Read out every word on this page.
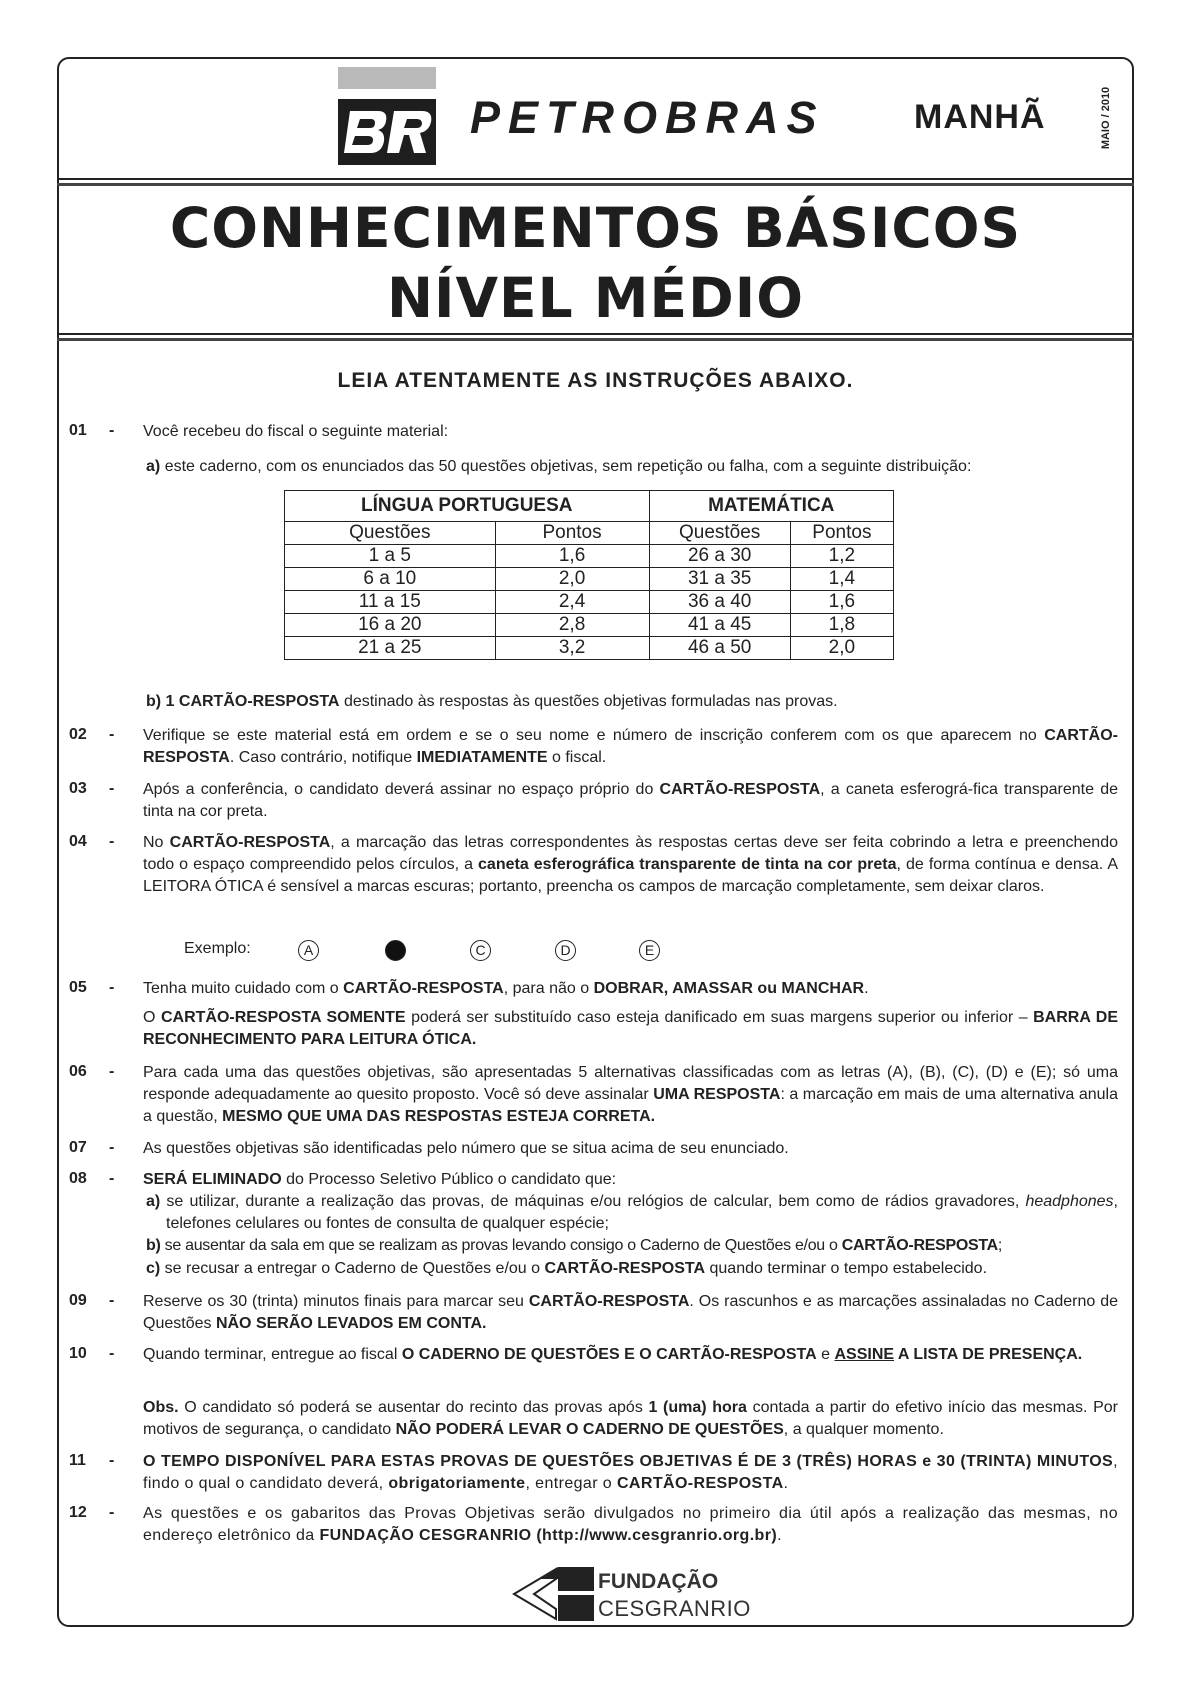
PETROBRAS	MANHÃ	MAIO / 2010
CONHECIMENTOS BÁSICOS
NÍVEL MÉDIO
LEIA ATENTAMENTE AS INSTRUÇÕES ABAIXO.
01 - Você recebeu do fiscal o seguinte material:
a) este caderno, com os enunciados das 50 questões objetivas, sem repetição ou falha, com a seguinte distribuição:
LÍNGUA PORTUGUESA		MATEMÁTICA	
Questões	Pontos	Questões	Pontos
1 a 5	1,6	26 a 30	1,2
6 a 10	2,0	31 a 35	1,4
11 a 15	2,4	36 a 40	1,6
16 a 20	2,8	41 a 45	1,8
21 a 25	3,2	46 a 50	2,0
b) 1 CARTÃO-RESPOSTA destinado às respostas às questões objetivas formuladas nas provas.
02 - Verifique se este material está em ordem e se o seu nome e número de inscrição conferem com os que aparecem no CARTÃO-RESPOSTA. Caso contrário, notifique IMEDIATAMENTE o fiscal.
03 - Após a conferência, o candidato deverá assinar no espaço próprio do CARTÃO-RESPOSTA, a caneta esferográ-fica transparente de tinta na cor preta.
04 - No CARTÃO-RESPOSTA, a marcação das letras correspondentes às respostas certas deve ser feita cobrindo a letra e preenchendo todo o espaço compreendido pelos círculos, a caneta esferográfica transparente de tinta na cor preta, de forma contínua e densa. A LEITORA ÓTICA é sensível a marcas escuras; portanto, preencha os campos de marcação completamente, sem deixar claros.
Exemplo:	A	C	D	E
05 - Tenha muito cuidado com o CARTÃO-RESPOSTA, para não o DOBRAR, AMASSAR ou MANCHAR.
O CARTÃO-RESPOSTA SOMENTE poderá ser substituído caso esteja danificado em suas margens superior ou inferior – BARRA DE RECONHECIMENTO PARA LEITURA ÓTICA.
06 - Para cada uma das questões objetivas, são apresentadas 5 alternativas classificadas com as letras (A), (B), (C), (D) e (E); só uma responde adequadamente ao quesito proposto. Você só deve assinalar UMA RESPOSTA: a marcação em mais de uma alternativa anula a questão, MESMO QUE UMA DAS RESPOSTAS ESTEJA CORRETA.
07 - As questões objetivas são identificadas pelo número que se situa acima de seu enunciado.
08 - SERÁ ELIMINADO do Processo Seletivo Público o candidato que:
a) se utilizar, durante a realização das provas, de máquinas e/ou relógios de calcular, bem como de rádios gravadores, headphones, telefones celulares ou fontes de consulta de qualquer espécie;
b) se ausentar da sala em que se realizam as provas levando consigo o Caderno de Questões e/ou o CARTÃO-RESPOSTA;
c) se recusar a entregar o Caderno de Questões e/ou o CARTÃO-RESPOSTA quando terminar o tempo estabelecido.
09 - Reserve os 30 (trinta) minutos finais para marcar seu CARTÃO-RESPOSTA. Os rascunhos e as marcações assinaladas no Caderno de Questões NÃO SERÃO LEVADOS EM CONTA.
10 - Quando terminar, entregue ao fiscal O CADERNO DE QUESTÕES E O CARTÃO-RESPOSTA e ASSINE A LISTA DE PRESENÇA.
Obs. O candidato só poderá se ausentar do recinto das provas após 1 (uma) hora contada a partir do efetivo início das mesmas. Por motivos de segurança, o candidato NÃO PODERÁ LEVAR O CADERNO DE QUESTÕES, a qualquer momento.
11 - O TEMPO DISPONÍVEL PARA ESTAS PROVAS DE QUESTÕES OBJETIVAS É DE 3 (TRÊS) HORAS e 30 (TRINTA) MINUTOS, findo o qual o candidato deverá, obrigatoriamente, entregar o CARTÃO-RESPOSTA.
12 - As questões e os gabaritos das Provas Objetivas serão divulgados no primeiro dia útil após a realização das mesmas, no endereço eletrônico da FUNDAÇÃO CESGRANRIO (http://www.cesgranrio.org.br).
FUNDAÇÃO
CESGRANRIO
